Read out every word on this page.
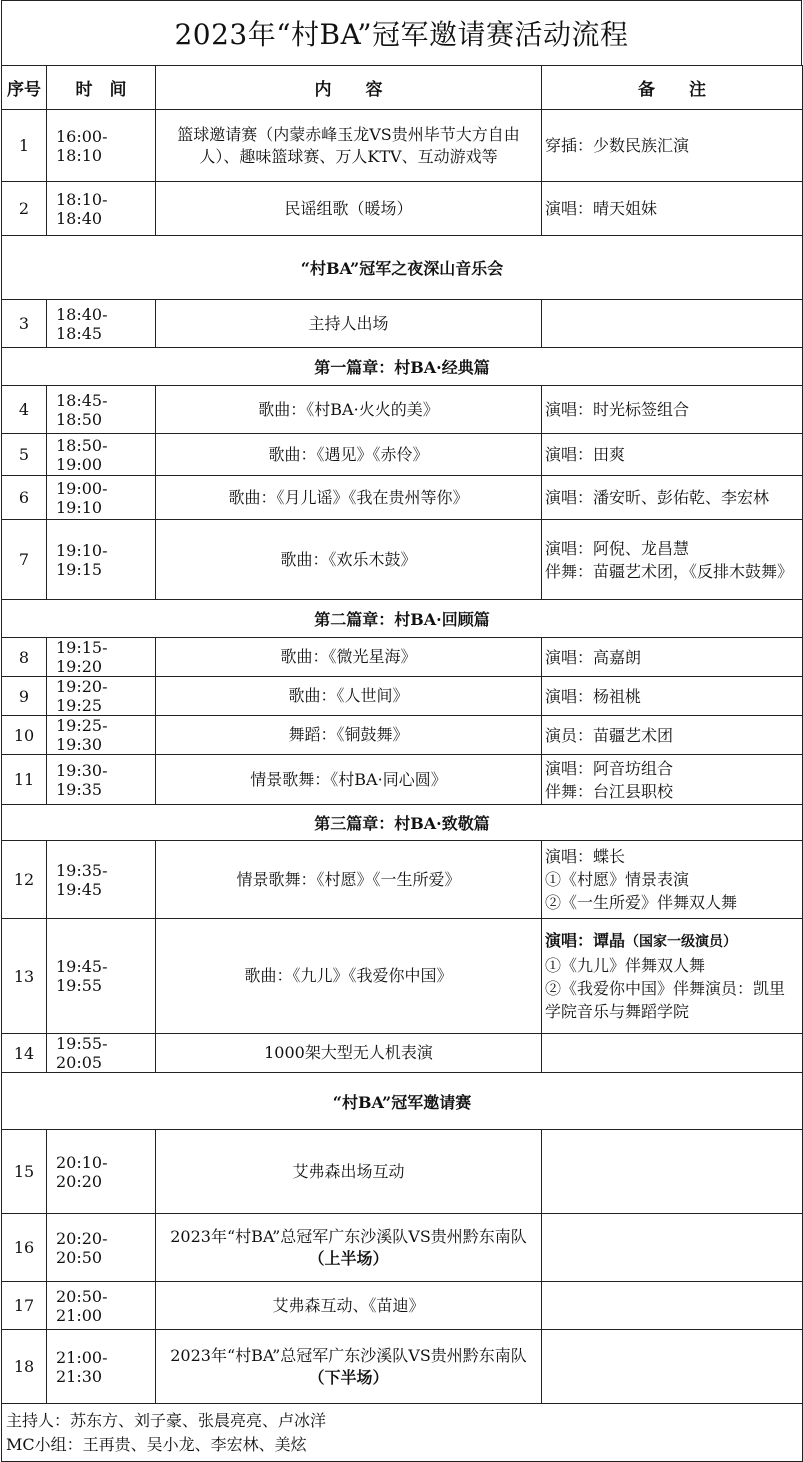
2023年“村BA”冠军邀请赛活动流程
序号	时　间	内　　容	备　　注
1	16:00-18:10	篮球邀请赛（内蒙赤峰玉龙VS贵州毕节大方自由人）、趣味篮球赛、万人KTV、互动游戏等	穿插：少数民族汇演
2	18:10-18:40	民谣组歌（暖场）	演唱：晴天姐妹
“村BA”冠军之夜深山音乐会			
3	18:40-18:45	主持人出场	
第一篇章：村BA·经典篇			
4	18:45-18:50	歌曲：《村BA·火火的美》	演唱：时光标签组合
5	18:50-19:00	歌曲：《遇见》《赤伶》	演唱：田爽
6	19:00-19:10	歌曲：《月儿谣》《我在贵州等你》	演唱：潘安昕、彭佑乾、李宏林
7	19:10-19:15	歌曲：《欢乐木鼓》	演唱：阿倪、龙昌慧
伴舞：苗疆艺术团，《反排木鼓舞》

第二篇章：村BA·回顾篇			
8	19:15-19:20	歌曲：《微光星海》	演唱：高嘉朗
9	19:20-19:25	歌曲：《人世间》	演唱：杨祖桃
10	19:25-19:30	舞蹈：《铜鼓舞》	演员：苗疆艺术团
11	19:30-19:35	情景歌舞：《村BA·同心圆》	演唱：阿音坊组合
伴舞：台江县职校

第三篇章：村BA·致敬篇			
12	19:35-19:45	情景歌舞：《村愿》《一生所爱》	演唱：蝶长
①《村愿》情景表演
②《一生所爱》伴舞双人舞

13	19:45-19:55	歌曲：《九儿》《我爱你中国》	演唱：谭晶（国家一级演员）
①《九儿》伴舞双人舞
②《我爱你中国》伴舞演员：凯里学院音乐与舞蹈学院

14	19:55-20:05	1000架大型无人机表演	
“村BA”冠军邀请赛			
15	20:10-20:20	艾弗森出场互动	
16	20:20-20:50	2023年“村BA”总冠军广东沙溪队VS贵州黔东南队（上半场）	
17	20:50-21:00	艾弗森互动、《苗迪》	
18	21:00-21:30	2023年“村BA”总冠军广东沙溪队VS贵州黔东南队（下半场）	

主持人：苏东方、刘子豪、张晨亮亮、卢冰洋
MC小组：王再贵、吴小龙、李宏林、美炫			
